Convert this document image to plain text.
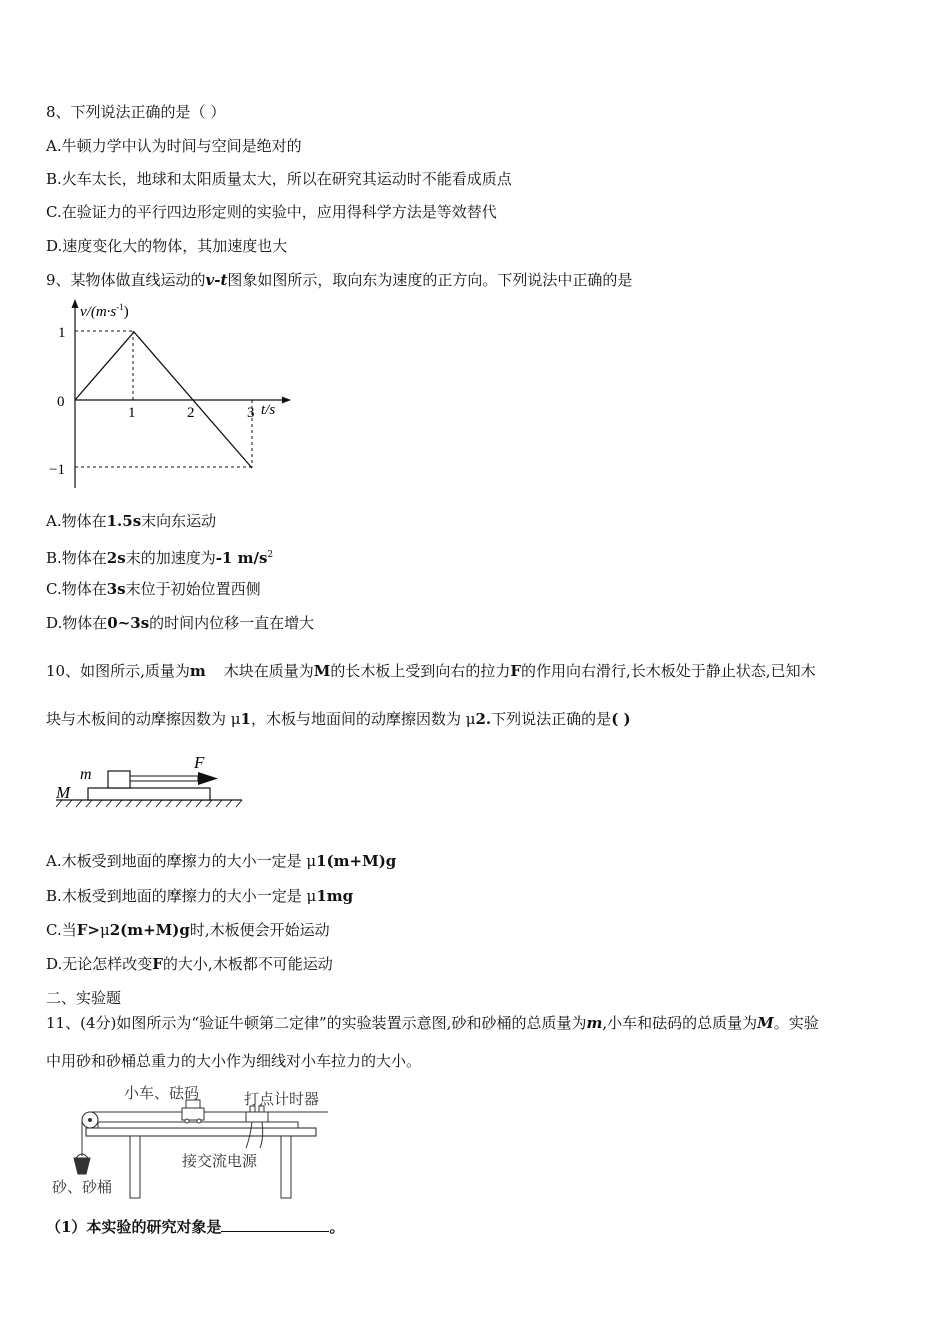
8、下列说法正确的是（ ）
A.牛顿力学中认为时间与空间是绝对的
B.火车太长，地球和太阳质量太大，所以在研究其运动时不能看成质点
C.在验证力的平行四边形定则的实验中，应用得科学方法是等效替代
D.速度变化大的物体，其加速度也大
9、某物体做直线运动的v-t图象如图所示，取向东为速度的正方向。下列说法中正确的是
$v/(m\cdot s^{-1})$
1
0
−1
1	2	3 t/s
A.物体在1.5s末向东运动
B.物体在2s末的加速度为-1 $m/s^2$
C.物体在3s末位于初始位置西侧
D.物体在0~3s的时间内位移一直在增大
10、如图所示,质量为m 木块在质量为M的长木板上受到向右的拉力F的作用向右滑行,长木板处于静止状态,已知木
块与木板间的动摩擦因数为 μ1，木板与地面间的动摩擦因数为 μ2.下列说法正确的是( )
m
M
F
A.木板受到地面的摩擦力的大小一定是 μ1(m+M)g
B.木板受到地面的摩擦力的大小一定是 μ1mg
C.当F>μ2(m+M)g时,木板便会开始运动
D.无论怎样改变F的大小,木板都不可能运动
二、实验题
11、(4分)如图所示为“验证牛顿第二定律”的实验装置示意图,砂和砂桶的总质量为m,小车和砝码的总质量为M。实验
中用砂和砂桶总重力的大小作为细线对小车拉力的大小。
小车、砝码	打点计时器
接交流电源
砂、砂桶
（1）本实验的研究对象是	。
